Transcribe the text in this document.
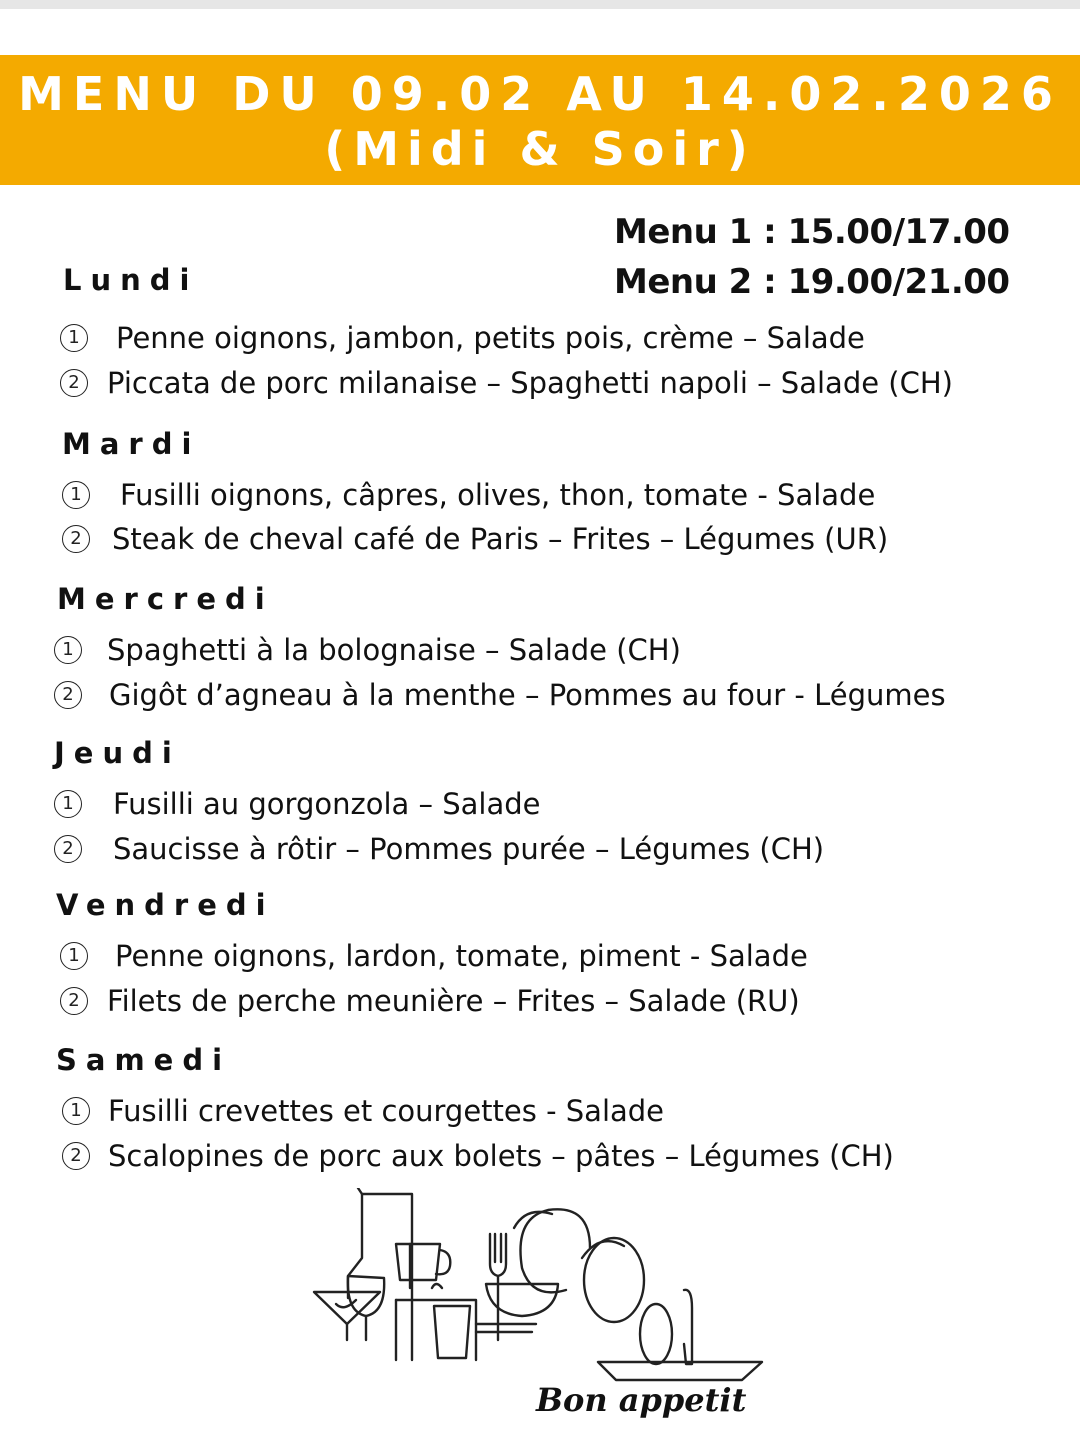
MENU DU 09.02 AU 14.02.2026
(Midi & Soir)
Menu 1 : 15.00/17.00
Menu 2 : 19.00/21.00
Lundi
1 Penne oignons, jambon, petits pois, crème – Salade
2 Piccata de porc milanaise – Spaghetti napoli – Salade (CH)
Mardi
1 Fusilli oignons, câpres, olives, thon, tomate - Salade
2 Steak de cheval café de Paris – Frites – Légumes (UR)
Mercredi
1 Spaghetti à la bolognaise – Salade (CH)
2 Gigôt d’agneau à la menthe – Pommes au four - Légumes
Jeudi
1 Fusilli au gorgonzola – Salade
2 Saucisse à rôtir – Pommes purée – Légumes (CH)
Vendredi
1 Penne oignons, lardon, tomate, piment - Salade
2 Filets de perche meunière – Frites – Salade (RU)
Samedi
1 Fusilli crevettes et courgettes - Salade
2 Scalopines de porc aux bolets – pâtes – Légumes (CH)
Bon appetit
